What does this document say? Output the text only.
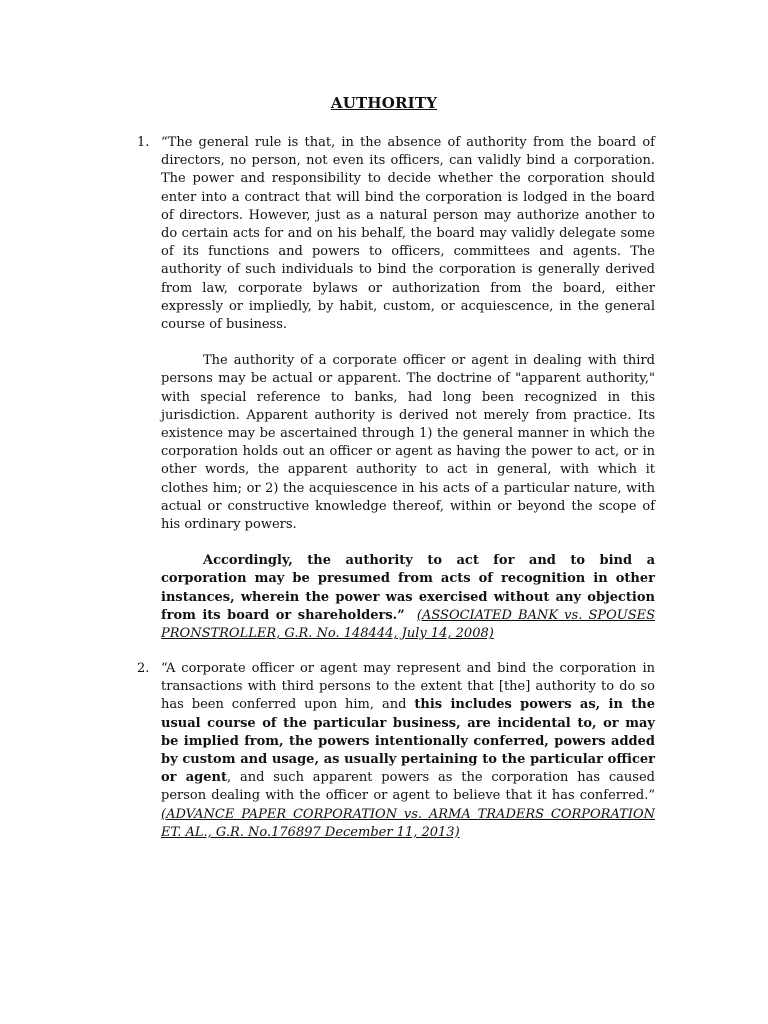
AUTHORITY
1. “The general rule is that, in the absence of authority from the board of directors, no person, not even its officers, can validly bind a corporation. The power and responsibility to decide whether the corporation should enter into a contract that will bind the corporation is lodged in the board of directors. However, just as a natural person may authorize another to do certain acts for and on his behalf, the board may validly delegate some of its functions and powers to officers, committees and agents. The authority of such individuals to bind the corporation is generally derived from law, corporate bylaws or authorization from the board, either expressly or impliedly, by habit, custom, or acquiescence, in the general course of business.

The authority of a corporate officer or agent in dealing with third persons may be actual or apparent. The doctrine of "apparent authority," with special reference to banks, had long been recognized in this jurisdiction. Apparent authority is derived not merely from practice. Its existence may be ascertained through 1) the general manner in which the corporation holds out an officer or agent as having the power to act, or in other words, the apparent authority to act in general, with which it clothes him; or 2) the acquiescence in his acts of a particular nature, with actual or constructive knowledge thereof, within or beyond the scope of his ordinary powers.

Accordingly, the authority to act for and to bind a corporation may be presumed from acts of recognition in other instances, wherein the power was exercised without any objection from its board or shareholders.” (ASSOCIATED BANK vs. SPOUSES PRONSTROLLER, G.R. No. 148444, July 14, 2008)

2. “A corporate officer or agent may represent and bind the corporation in transactions with third persons to the extent that [the] authority to do so has been conferred upon him, and this includes powers as, in the usual course of the particular business, are incidental to, or may be implied from, the powers intentionally conferred, powers added by custom and usage, as usually pertaining to the particular officer or agent, and such apparent powers as the corporation has caused person dealing with the officer or agent to believe that it has conferred.” (ADVANCE PAPER CORPORATION vs. ARMA TRADERS CORPORATION ET. AL., G.R. No.176897 December 11, 2013)
